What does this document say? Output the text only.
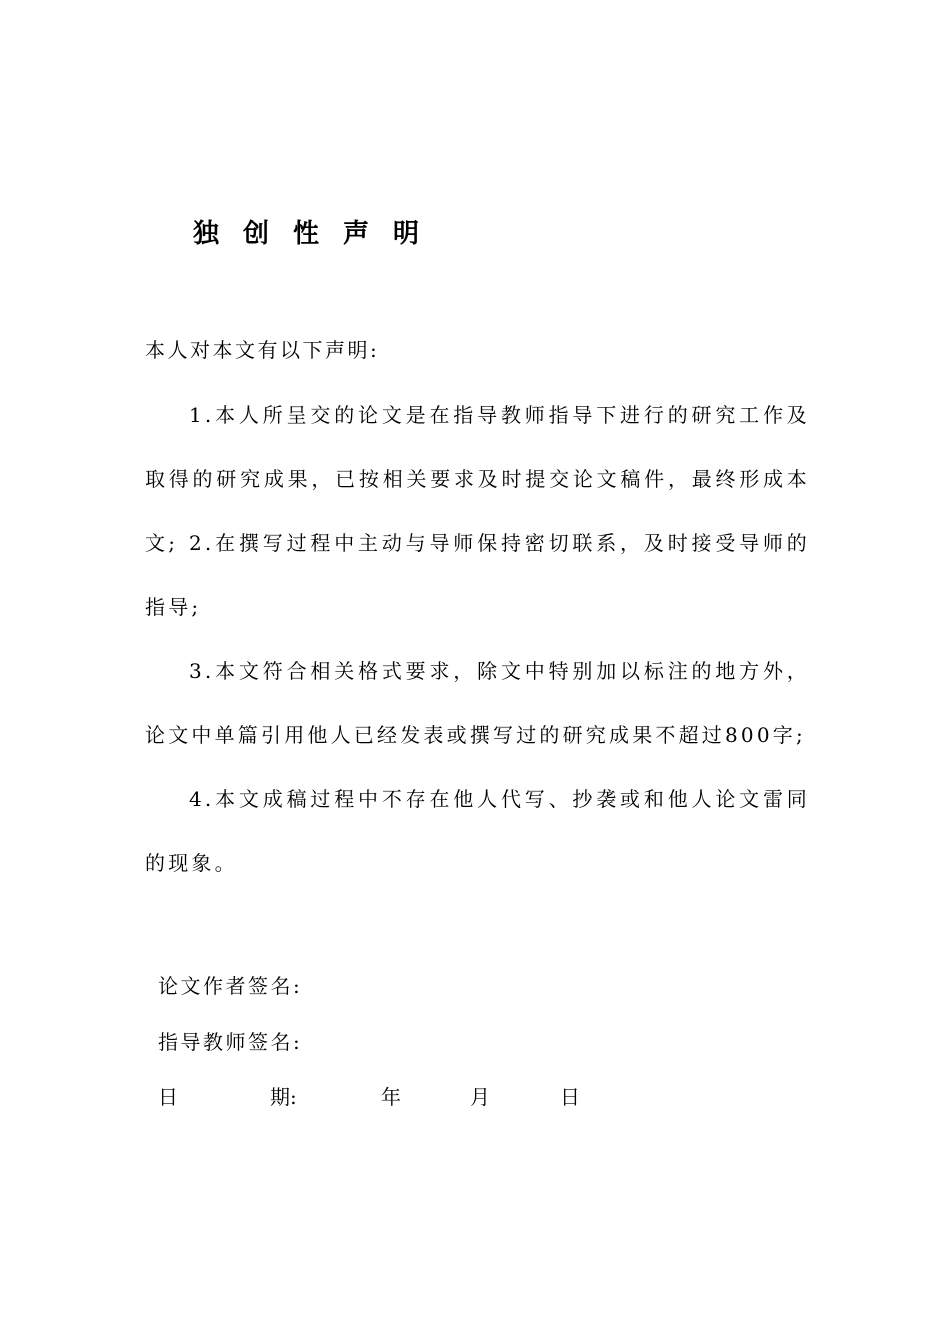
独创性声明
本人对本文有以下声明:
1.本人所呈交的论文是在指导教师指导下进行的研究工作及取得的研究成果，已按相关要求及时提交论文稿件，最终形成本文; 2.在撰写过程中主动与导师保持密切联系，及时接受导师的指导;
3.本文符合相关格式要求，除文中特别加以标注的地方外，论文中单篇引用他人已经发表或撰写过的研究成果不超过800字;
4.本文成稿过程中不存在他人代写、抄袭或和他人论文雷同的现象。
论文作者签名:
指导教师签名:
日	期:	年	月	日
